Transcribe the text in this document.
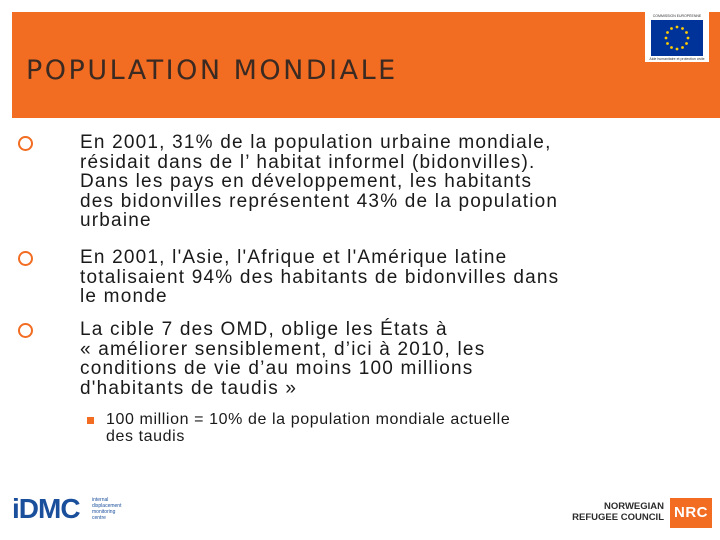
POPULATION MONDIALE
COMMISSION EUROPÉENNE
Aide humanitaire et protection civile
En 2001, 31% de la population urbaine mondiale,
résidait dans de l’ habitat informel (bidonvilles).
Dans les pays en développement, les habitants
des bidonvilles représentent 43% de la population
urbaine
En 2001, l'Asie, l'Afrique et l'Amérique latine
totalisaient 94% des habitants de bidonvilles dans
le monde
La cible 7 des OMD, oblige les États à
« améliorer sensiblement, d’ici à 2010, les
conditions de vie d’au moins 100 millions
d'habitants de taudis »
100 million = 10% de la population mondiale actuelle
des taudis
iDMC internal
displacement
monitoring
centre
NORWEGIAN
REFUGEE COUNCIL NRC
